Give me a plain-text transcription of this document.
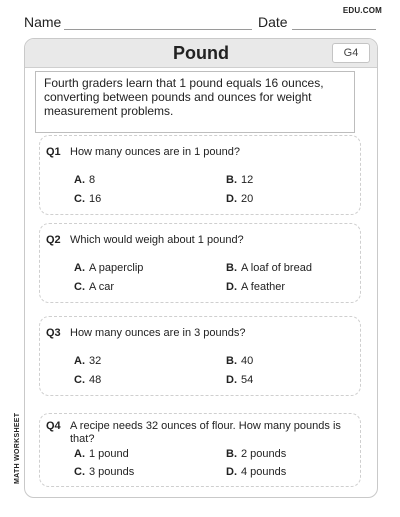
Name	Date
EDU.COM
Pound	G4
Fourth graders learn that 1 pound equals 16 ounces, converting between pounds and ounces for weight measurement problems.
Q1 How many ounces are in 1 pound?
A. 8	B. 12
C. 16	D. 20
Q2 Which would weigh about 1 pound?
A. A paperclip	B. A loaf of bread
C. A car	D. A feather
Q3 How many ounces are in 3 pounds?
A. 32	B. 40
C. 48	D. 54
Q4 A recipe needs 32 ounces of flour. How many pounds is that?
A. 1 pound	B. 2 pounds
C. 3 pounds	D. 4 pounds
MATH WORKSHEET
